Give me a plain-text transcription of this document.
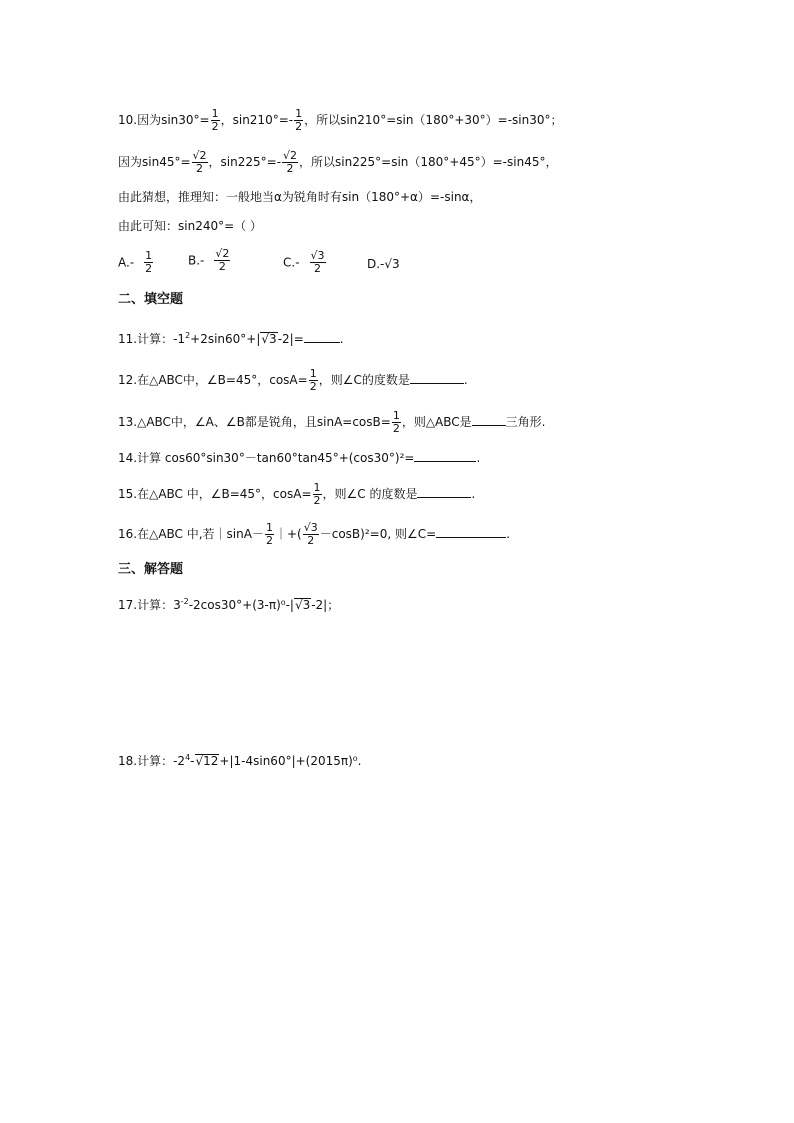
10.因为$\sin 30^\circ= \frac{1}{2}$ ，$\sin 210^\circ=- \frac{1}{2}$ ，所以sin210°=sin（180°+30°）=-sin30°；
因为$\sin 45^\circ= \frac{√2}{2}$ ，$\sin 225^\circ=- \frac{√2}{2}$ ，所以sin225°=sin（180°+45°）=-sin45°，
由此猜想，推理知：一般地当α为锐角时有sin（180°+α）=-sinα，
由此可知：sin240°=（ ）
$A.- \frac{1}{2}$	$B.- \frac{√2}{2}$	$C.- \frac{√3}{2}$	D.-√3
二、填空题
11.计算：$-1^2+2\sin 60^\circ+|√3-2|=$	.
12.在△ABC中，∠B=45°，$\cos A= \frac{1}{2}$ ，则∠C的度数是	.
13.△ABC中，∠A、∠B都是锐角，且$\sin A=\cos B= \frac{1}{2}$ ，则△ABC是	三角形.
14.计算 cos60°sin30°－tan60°tan45°+(cos30°)²=	.
15.在△ABC 中，∠B=45°，$\cos A= \frac{1}{2}$ ，则∠C 的度数是	.
16.在△ABC 中,若｜sinA－ $\frac{1}{2}$ ｜+( $\frac{√3}{2} -\cos B)^2=0$, 则∠C=	.
三、解答题
17.计算：$3^{-2}-2\cos 30^\circ+(3-\pi)^0-|√3-2|$；
18.计算：$-2^4-√12+|1-4\sin 60^\circ|+(2015\pi)^0$.
